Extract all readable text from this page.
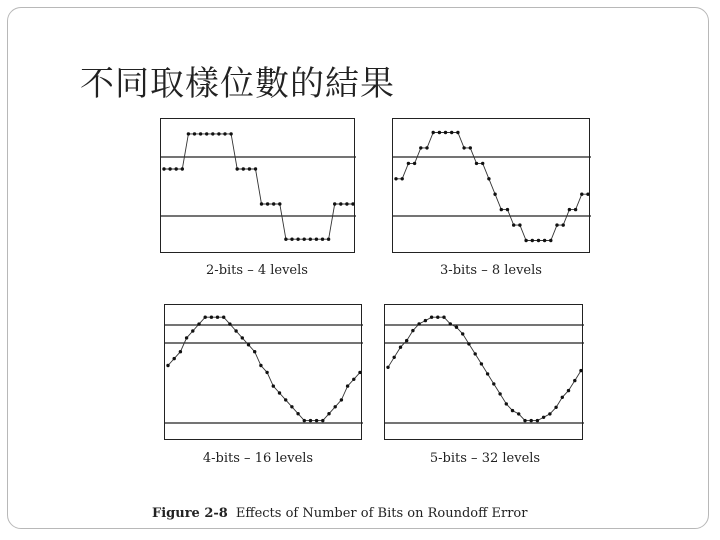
不同取樣位數的結果
2-bits – 4 levels	3-bits – 8 levels
4-bits – 16 levels	5-bits – 32 levels
Figure 2-8 Effects of Number of Bits on Roundoff Error
